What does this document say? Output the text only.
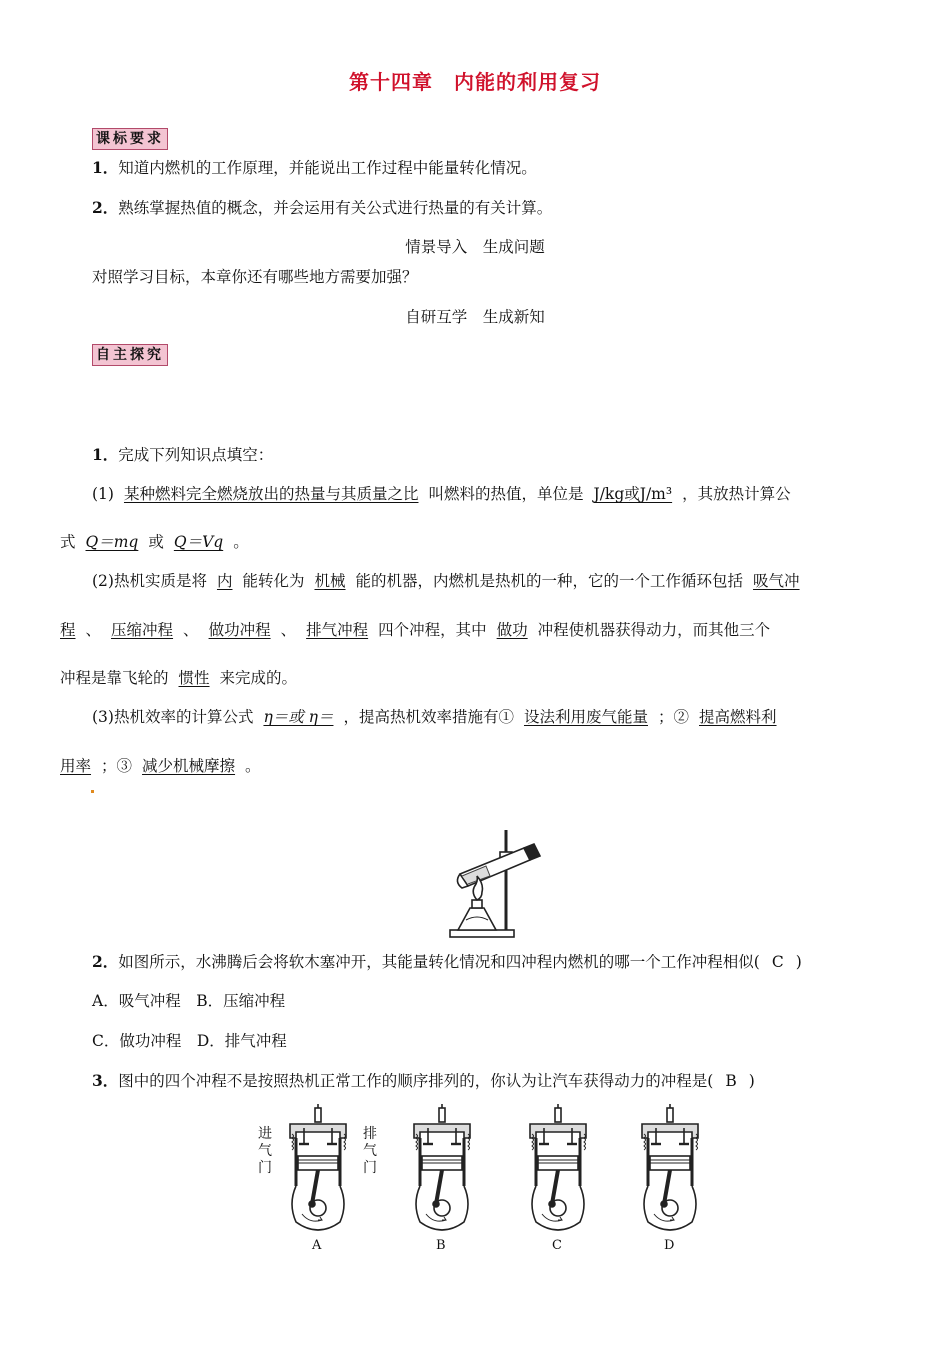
第十四章　内能的利用复习
课标要求
1．知道内燃机的工作原理，并能说出工作过程中能量转化情况。
2．熟练掌握热值的概念，并会运用有关公式进行热量的有关计算。
情景导入　生成问题
对照学习目标，本章你还有哪些地方需要加强？
自研互学　生成新知
自主探究
1．完成下列知识点填空：
(1) 某种燃料完全燃烧放出的热量与其质量之比 叫燃料的热值，单位是 J/kg或J/m³ ，其放热计算公
式 Q＝mq 或 Q＝Vq 。
(2)热机实质是将 内 能转化为 机械 能的机器，内燃机是热机的一种，它的一个工作循环包括 吸气冲
程 、 压缩冲程 、 做功冲程 、 排气冲程 四个冲程，其中 做功 冲程使机器获得动力，而其他三个
冲程是靠飞轮的 惯性 来完成的。
(3)热机效率的计算公式 η＝或 η＝ ，提高热机效率措施有① 设法利用废气能量 ；② 提高燃料利
用率 ；③ 减少机械摩擦 。
2．如图所示，水沸腾后会将软木塞冲开，其能量转化情况和四冲程内燃机的哪一个工作冲程相似( C )
A．吸气冲程　B．压缩冲程
C．做功冲程　D．排气冲程
3．图中的四个冲程不是按照热机正常工作的顺序排列的，你认为让汽车获得动力的冲程是( B )
进气门
排气门
A	B	C	D
